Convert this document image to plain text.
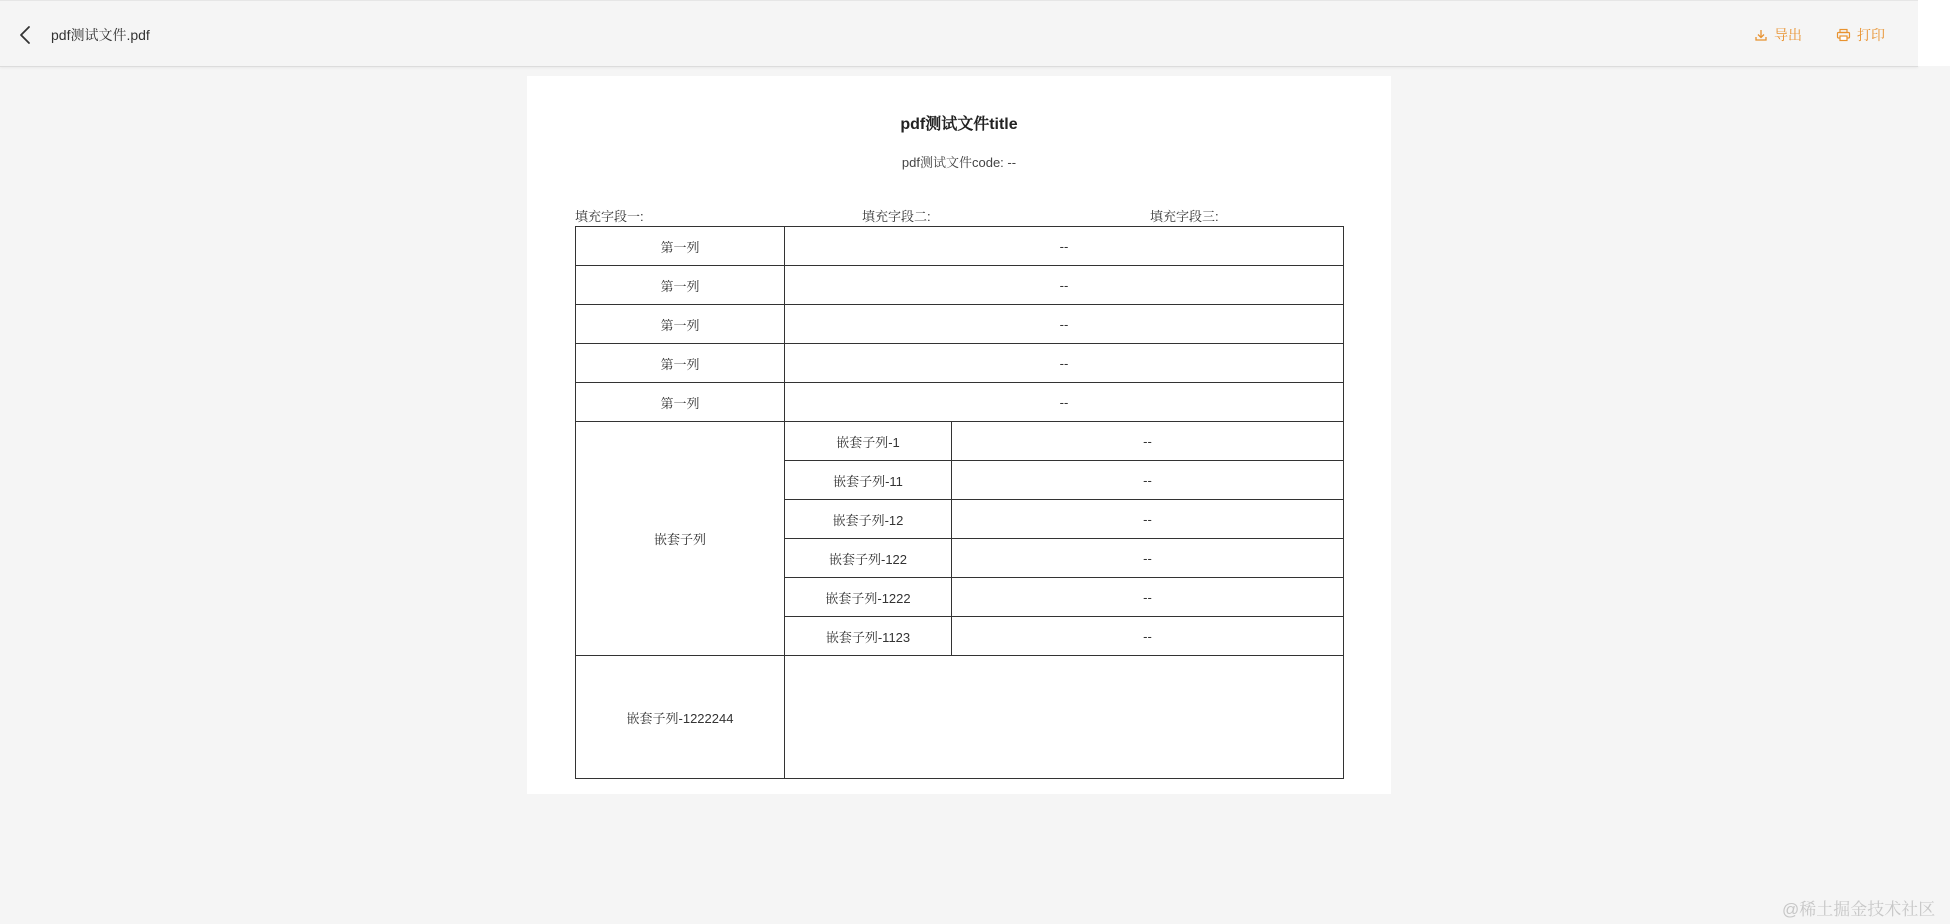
pdf测试文件.pdf	导出	打印
pdf测试文件title
pdf测试文件code: --
填充字段一:	填充字段二:	填充字段三:
第一列	--	
第一列	--	
第一列	--	
第一列	--	
第一列	--	
嵌套子列	嵌套子列-1	--
	嵌套子列-11	--
	嵌套子列-12	--
	嵌套子列-122	--
	嵌套子列-1222	--
	嵌套子列-1123	--
嵌套子列-1222244		
@稀土掘金技术社区
